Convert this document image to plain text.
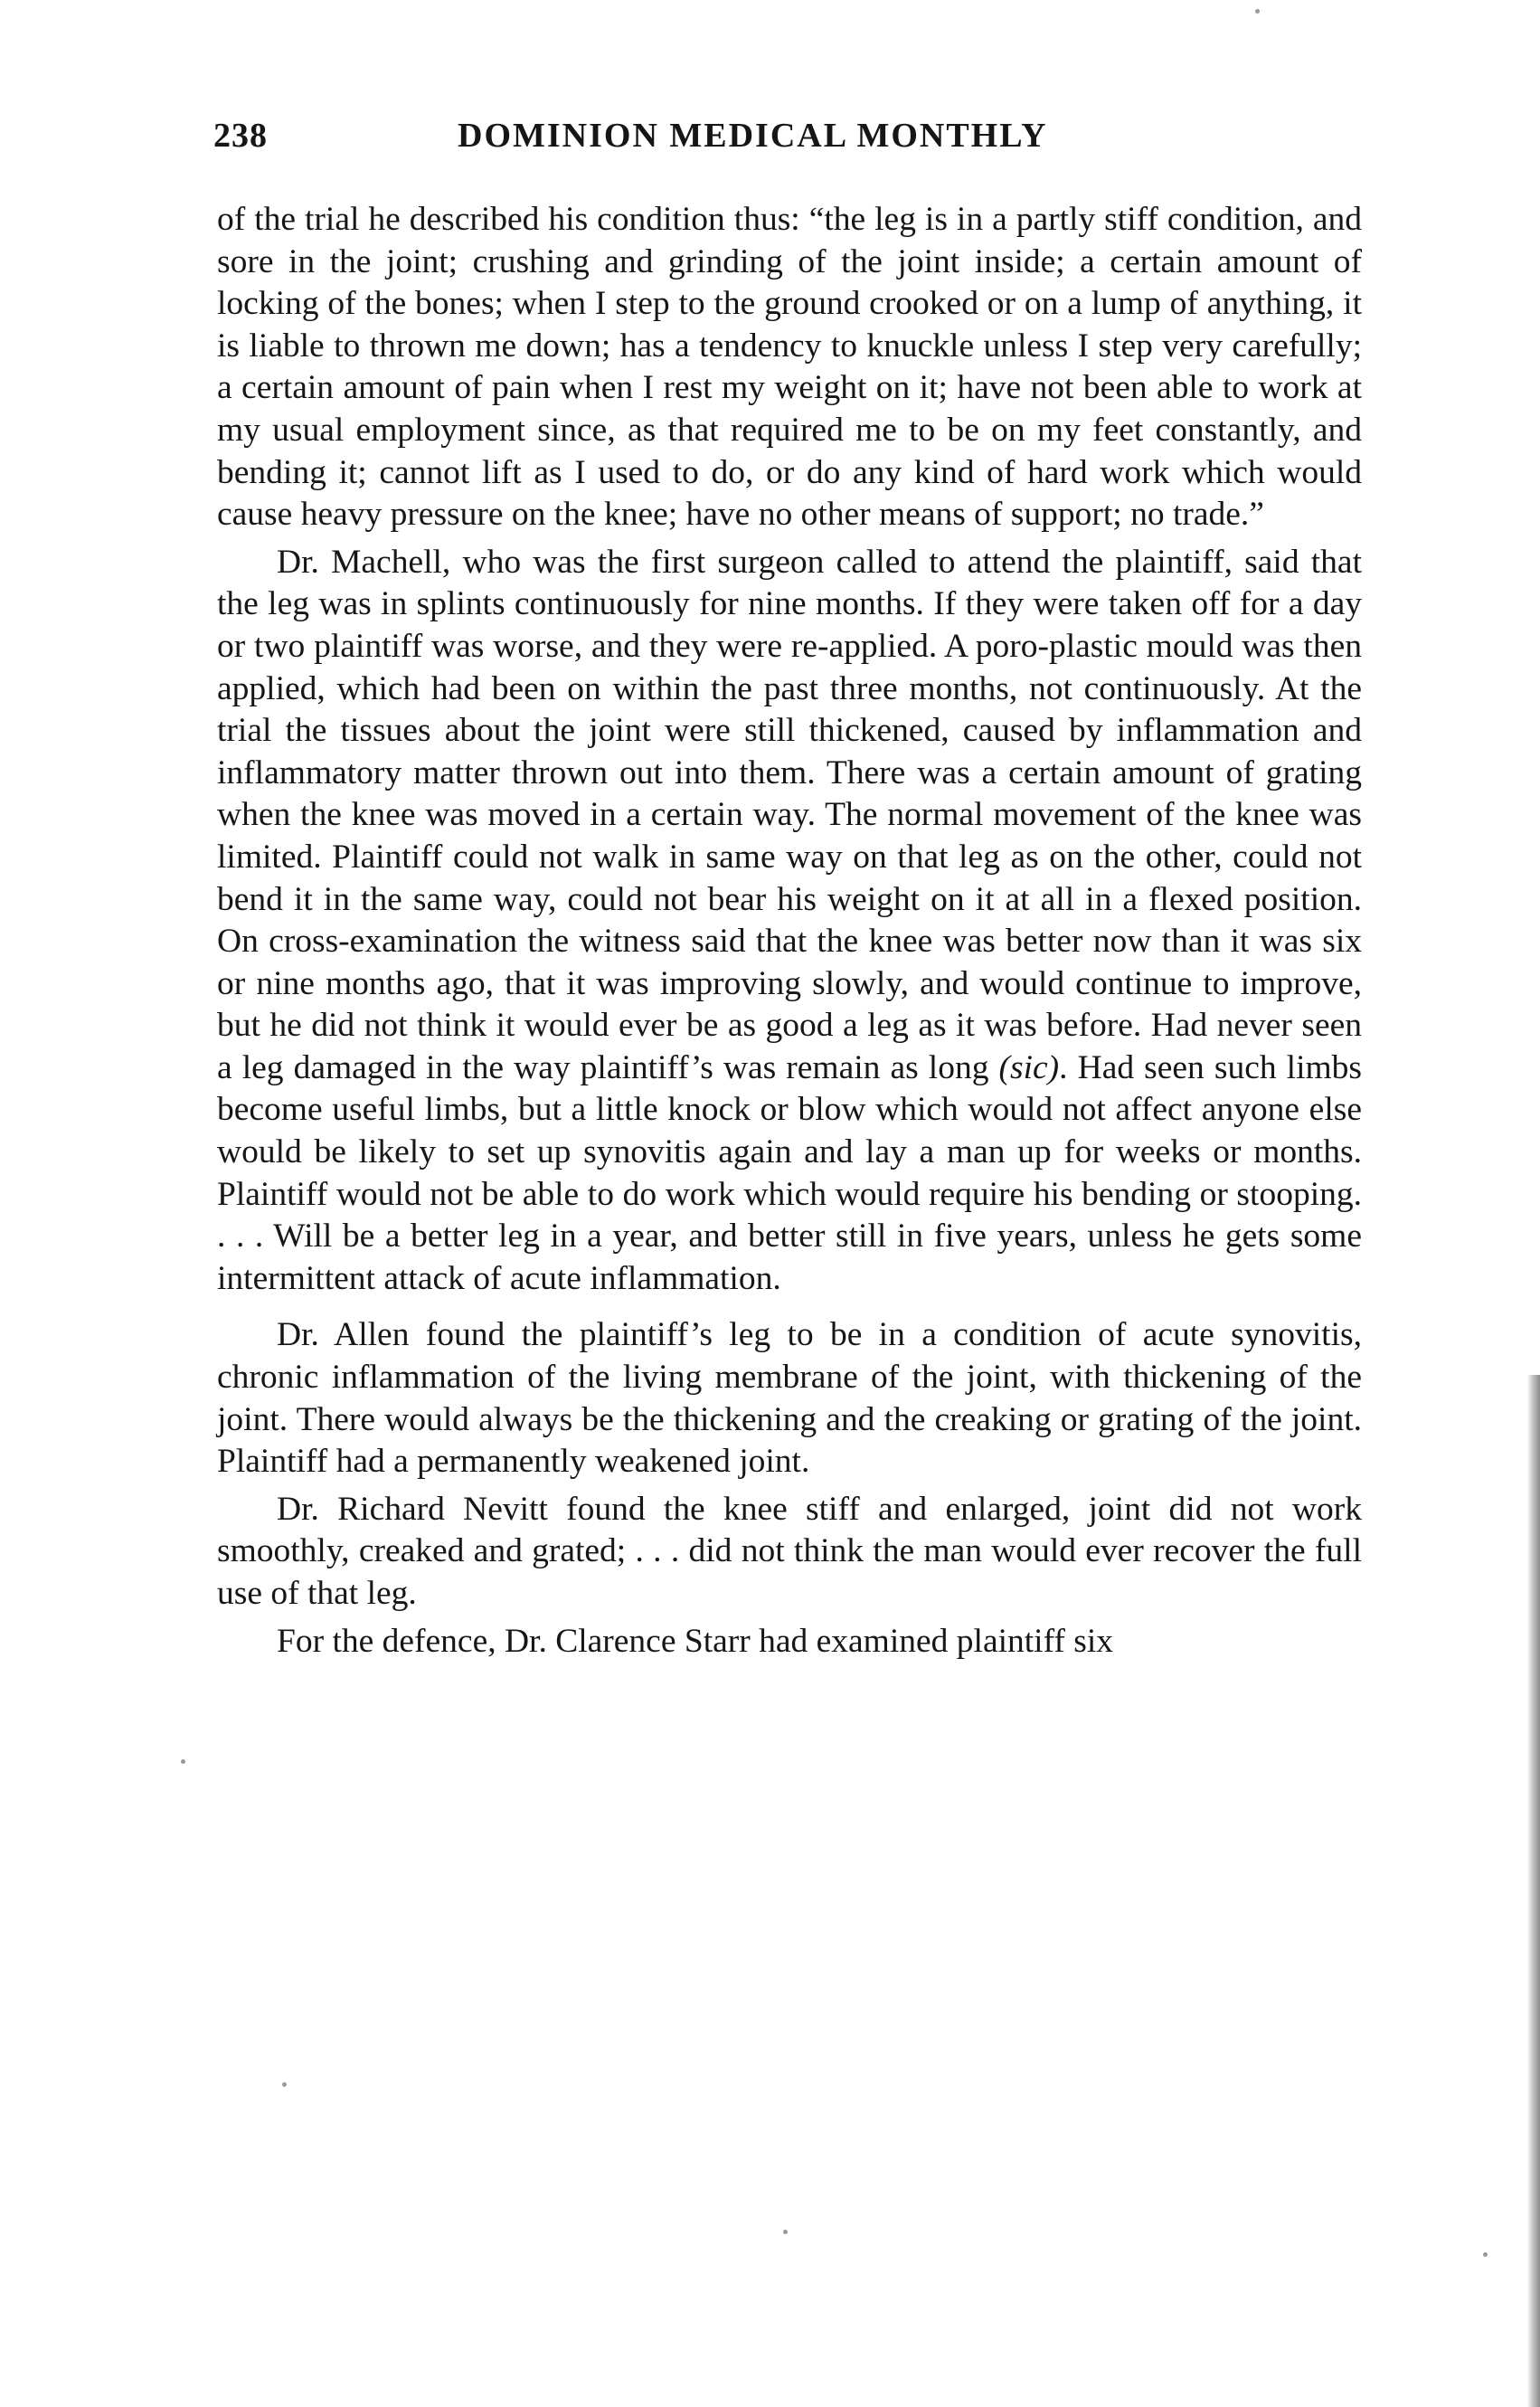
238	DOMINION MEDICAL MONTHLY

of the trial he described his condition thus: “the leg is in a partly stiff condition, and sore in the joint; crushing and grinding of the joint inside; a certain amount of locking of the bones; when I step to the ground crooked or on a lump of anything, it is liable to thrown me down; has a tendency to knuckle unless I step very carefully; a certain amount of pain when I rest my weight on it; have not been able to work at my usual employment since, as that required me to be on my feet constantly, and bending it; cannot lift as I used to do, or do any kind of hard work which would cause heavy pressure on the knee; have no other means of support; no trade.”

Dr. Machell, who was the first surgeon called to attend the plaintiff, said that the leg was in splints continuously for nine months. If they were taken off for a day or two plaintiff was worse, and they were re-applied. A poro-plastic mould was then applied, which had been on within the past three months, not continuously. At the trial the tissues about the joint were still thickened, caused by inflammation and inflammatory matter thrown out into them. There was a certain amount of grating when the knee was moved in a certain way. The normal movement of the knee was limited. Plaintiff could not walk in same way on that leg as on the other, could not bend it in the same way, could not bear his weight on it at all in a flexed position. On cross-examination the witness said that the knee was better now than it was six or nine months ago, that it was improving slowly, and would continue to improve, but he did not think it would ever be as good a leg as it was before. Had never seen a leg damaged in the way plaintiff’s was remain as long (sic). Had seen such limbs become useful limbs, but a little knock or blow which would not affect anyone else would be likely to set up synovitis again and lay a man up for weeks or months. Plaintiff would not be able to do work which would require his bending or stooping. . . . Will be a better leg in a year, and better still in five years, unless he gets some intermittent attack of acute inflammation.

Dr. Allen found the plaintiff’s leg to be in a condition of acute synovitis, chronic inflammation of the living membrane of the joint, with thickening of the joint. There would always be the thickening and the creaking or grating of the joint. Plaintiff had a permanently weakened joint.

Dr. Richard Nevitt found the knee stiff and enlarged, joint did not work smoothly, creaked and grated; . . . did not think the man would ever recover the full use of that leg.

For the defence, Dr. Clarence Starr had examined plaintiff six
